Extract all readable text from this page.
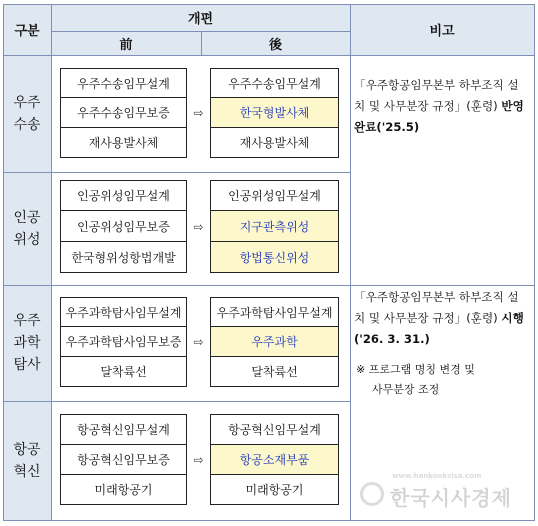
구분
개편
前	後
비고
우주
수송
인공
위성
우주
과학
탐사
항공
혁신
우주수송임무설계
우주수송임무보증
재사용발사체
⇨
우주수송임무설계
한국형발사체
재사용발사체
인공위성임무설계
인공위성임무보증
한국형위성항법개발
⇨
인공위성임무설계
지구관측위성
항법통신위성
우주과학탐사임무설계
우주과학탐사임무보증
달착륙선
⇨
우주과학탐사임무설계
우주과학
달착륙선
항공혁신임무설계
항공혁신임무보증
미래항공기
⇨
항공혁신임무설계
항공소재부품
미래항공기
「우주항공임무본부 하부조직 설
치 및 사무분장 규정」(훈령) 반영
완료('25.5)
「우주항공임무본부 하부조직 설
치 및 사무분장 규정」(훈령) 시행
('26. 3. 31.)
※ 프로그램 명칭 변경 및
사무분장 조정
www.hankooksisa.com
한국시사경제
